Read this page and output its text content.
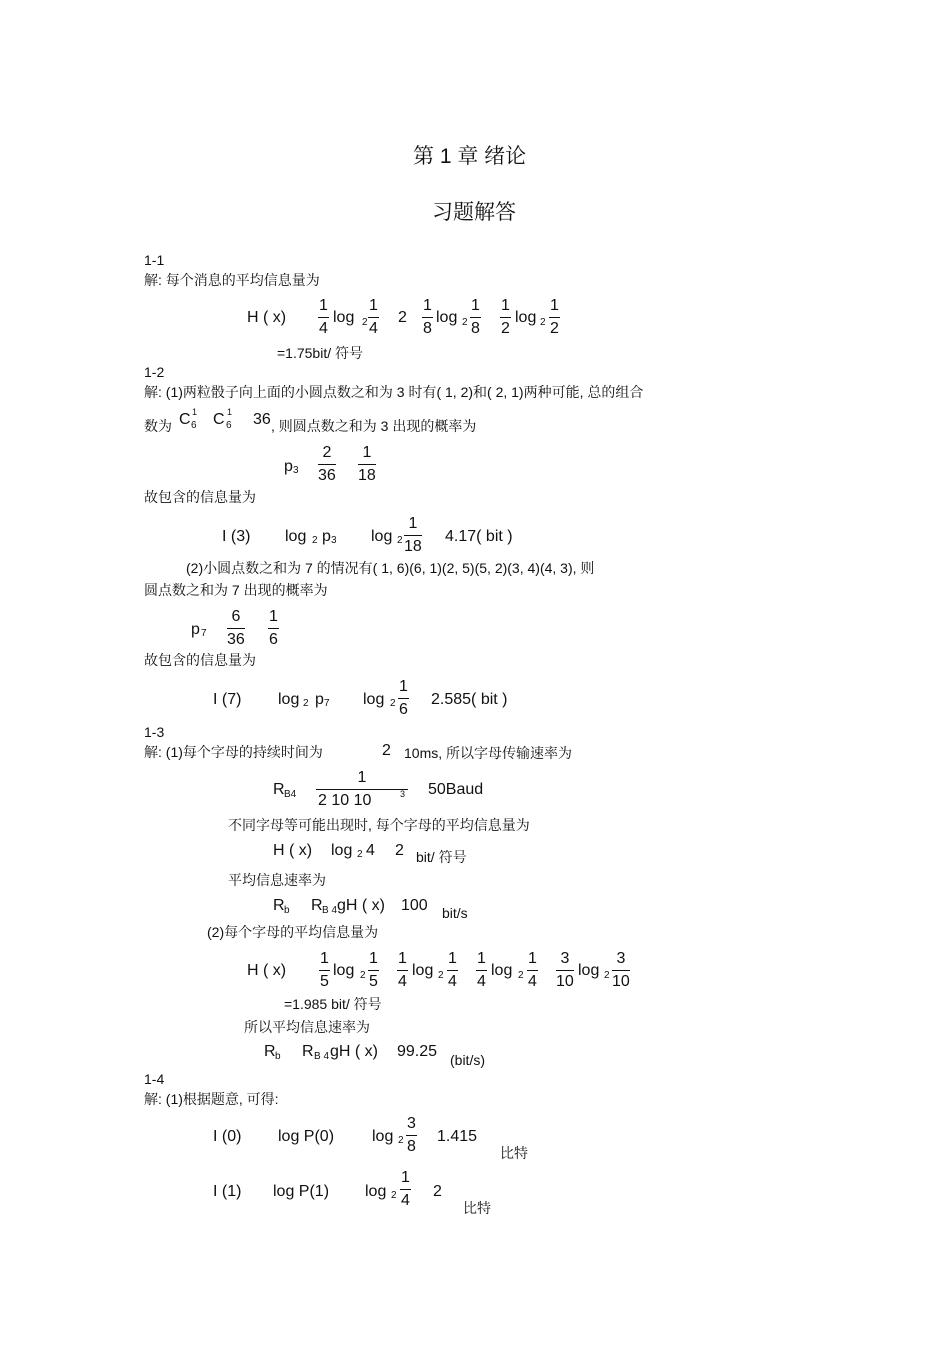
第 1 章 绪论
习题解答
1-1
解: 每个消息的平均信息量为
H ( x)
1
4
log 2
1
4
2
1
8
log 2
1
8
1
2
log 2
1
2
=1.75bit/ 符号
1-2
解: (1)两粒骰子向上面的小圆点数之和为 3 时有( 1, 2)和( 2, 1)两种可能, 总的组合
数为 C 1
6 C 1
6 36 , 则圆点数之和为 3 出现的概率为
p 3
2
36
1
18
故包含的信息量为
I (3) log 2 p 3 log 2
1
18
4.17( bit )
(2)小圆点数之和为 7 的情况有( 1, 6)(6, 1)(2, 5)(5, 2)(3, 4)(4, 3), 则
圆点数之和为 7 出现的概率为
p 7
6
36
1
6
故包含的信息量为
I (7) log 2 p 7 log 2
1
6
2.585( bit )
1-3
解: (1)每个字母的持续时间为	2 10ms, 所以字母传输速率为
R B4
1
2 10 10	3 50Baud
不同字母等可能出现时, 每个字母的平均信息量为
H ( x) log 2 4 2 bit/ 符号
平均信息速率为
R b R B 4 gH ( x) 100 bit/s
(2)每个字母的平均信息量为
H ( x)
1
5
log 2
1
5
1
4
log 2
1
4
1
4
log 2
1
4
3
10
log 2
3
10
=1.985 bit/ 符号
所以平均信息速率为
R b R B 4 gH ( x) 99.25 (bit/s)
1-4
解: (1)根据题意, 可得:
I (0) log P(0) log 2
3
8
1.415
比特
I (1) log P(1) log 2
1
4
2
比特
